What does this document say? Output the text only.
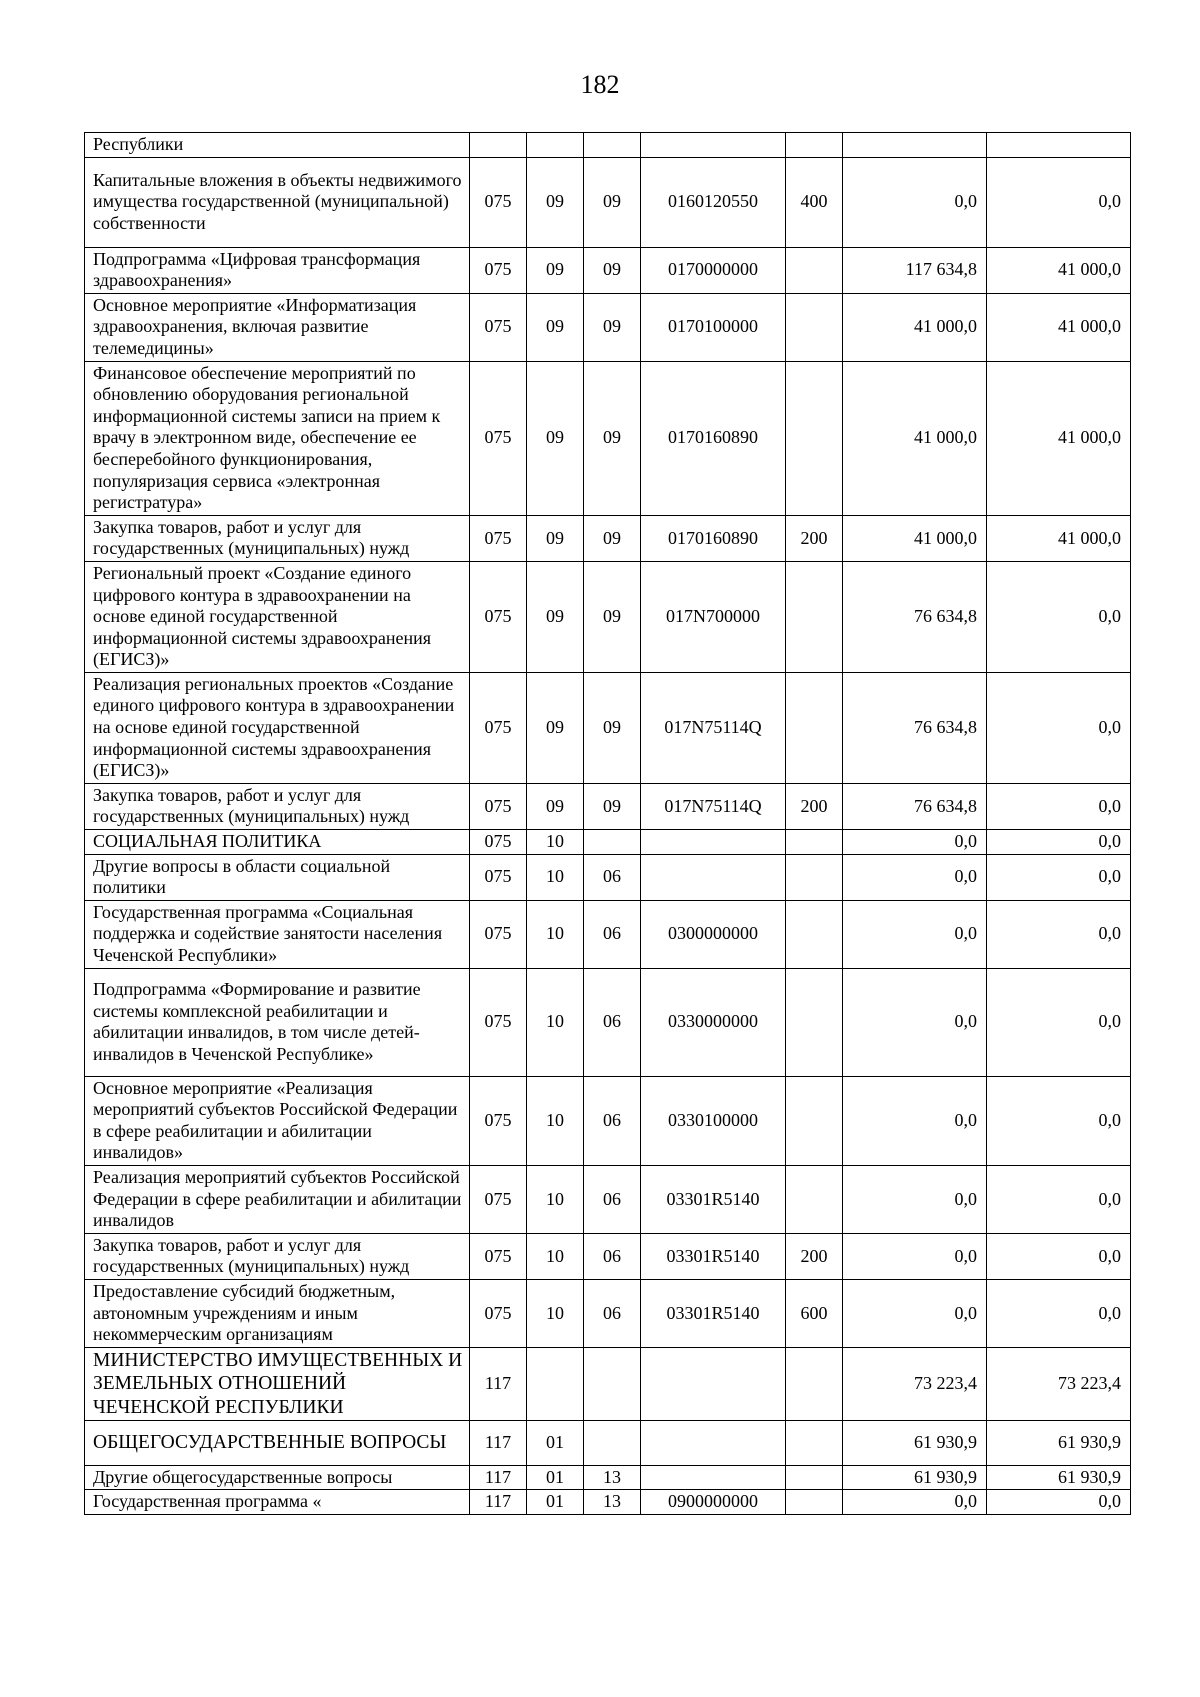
182
Республики							
Капитальные вложения в объекты недвижимого имущества государственной (муниципальной) собственности	075	09	09	0160120550	400	0,0	0,0
Подпрограмма «Цифровая трансформация здравоохранения»	075	09	09	0170000000		117 634,8	41 000,0
Основное мероприятие «Информатизация здравоохранения, включая развитие телемедицины»	075	09	09	0170100000		41 000,0	41 000,0
Финансовое обеспечение мероприятий по обновлению оборудования региональной информационной системы записи на прием к врачу в электронном виде, обеспечение ее бесперебойного функционирования, популяризация сервиса «электронная регистратура»	075	09	09	0170160890		41 000,0	41 000,0
Закупка товаров, работ и услуг для государственных (муниципальных) нужд	075	09	09	0170160890	200	41 000,0	41 000,0
Региональный проект «Создание единого цифрового контура в здравоохранении на основе единой государственной информационной системы здравоохранения (ЕГИСЗ)»	075	09	09	017N700000		76 634,8	0,0
Реализация региональных проектов «Создание единого цифрового контура в здравоохранении на основе единой государственной информационной системы здравоохранения (ЕГИСЗ)»	075	09	09	017N75114Q		76 634,8	0,0
Закупка товаров, работ и услуг для государственных (муниципальных) нужд	075	09	09	017N75114Q	200	76 634,8	0,0
СОЦИАЛЬНАЯ ПОЛИТИКА	075	10				0,0	0,0
Другие вопросы в области социальной политики	075	10	06			0,0	0,0
Государственная программа «Социальная поддержка и содействие занятости населения Чеченской Республики»	075	10	06	0300000000		0,0	0,0
Подпрограмма «Формирование и развитие системы комплексной реабилитации и абилитации инвалидов, в том числе детей-инвалидов в Чеченской Республике»	075	10	06	0330000000		0,0	0,0
Основное мероприятие «Реализация мероприятий субъектов Российской Федерации в сфере реабилитации и абилитации инвалидов»	075	10	06	0330100000		0,0	0,0
Реализация мероприятий субъектов Российской Федерации в сфере реабилитации и абилитации инвалидов	075	10	06	03301R5140		0,0	0,0
Закупка товаров, работ и услуг для государственных (муниципальных) нужд	075	10	06	03301R5140	200	0,0	0,0
Предоставление субсидий бюджетным, автономным учреждениям и иным некоммерческим организациям	075	10	06	03301R5140	600	0,0	0,0
МИНИСТЕРСТВО ИМУЩЕСТВЕННЫХ И ЗЕМЕЛЬНЫХ ОТНОШЕНИЙ ЧЕЧЕНСКОЙ РЕСПУБЛИКИ	117					73 223,4	73 223,4
ОБЩЕГОСУДАРСТВЕННЫЕ ВОПРОСЫ	117	01				61 930,9	61 930,9
Другие общегосударственные вопросы	117	01	13			61 930,9	61 930,9
Государственная программа «	117	01	13	0900000000		0,0	0,0
